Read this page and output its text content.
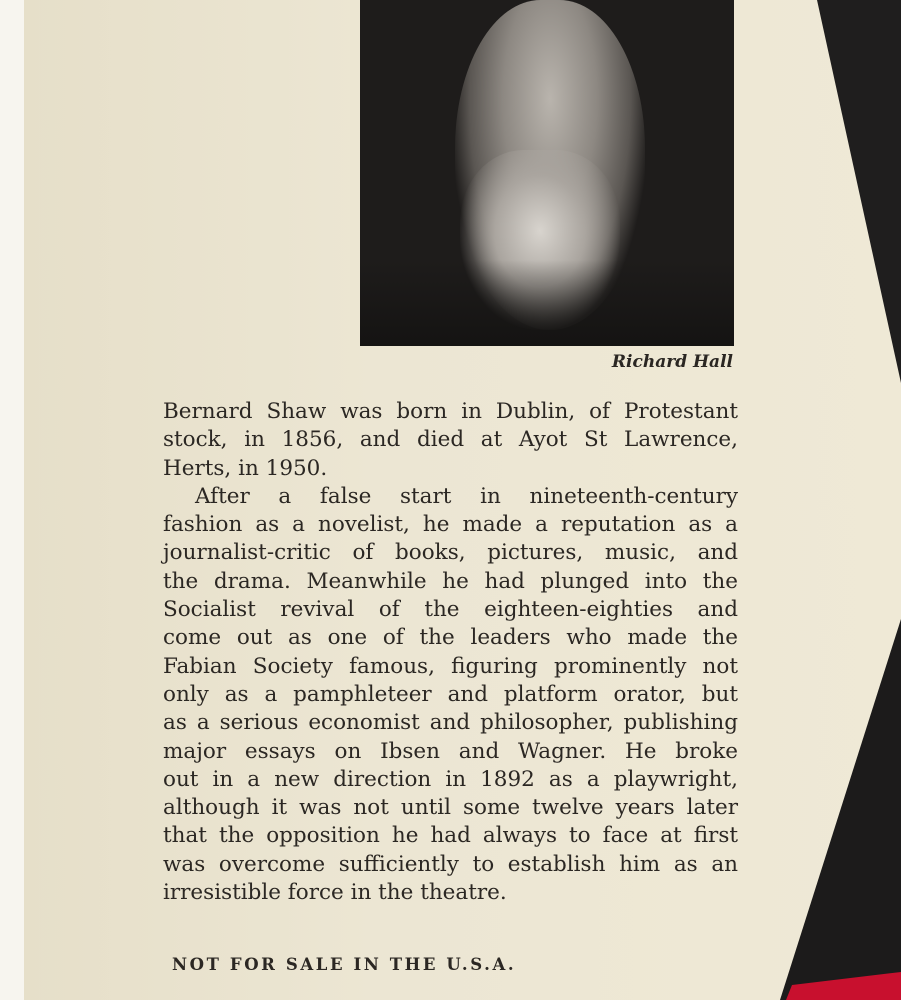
Richard Hall
Bernard Shaw was born in Dublin, of Protestant
stock, in 1856, and died at Ayot St Lawrence,
Herts, in 1950.
After a false start in nineteenth-century
fashion as a novelist, he made a reputation as a
journalist-critic of books, pictures, music, and
the drama. Meanwhile he had plunged into the
Socialist revival of the eighteen-eighties and
come out as one of the leaders who made the
Fabian Society famous, figuring prominently not
only as a pamphleteer and platform orator, but
as a serious economist and philosopher, publishing
major essays on Ibsen and Wagner. He broke
out in a new direction in 1892 as a playwright,
although it was not until some twelve years later
that the opposition he had always to face at first
was overcome sufficiently to establish him as an
irresistible force in the theatre.
NOT FOR SALE IN THE U.S.A.
